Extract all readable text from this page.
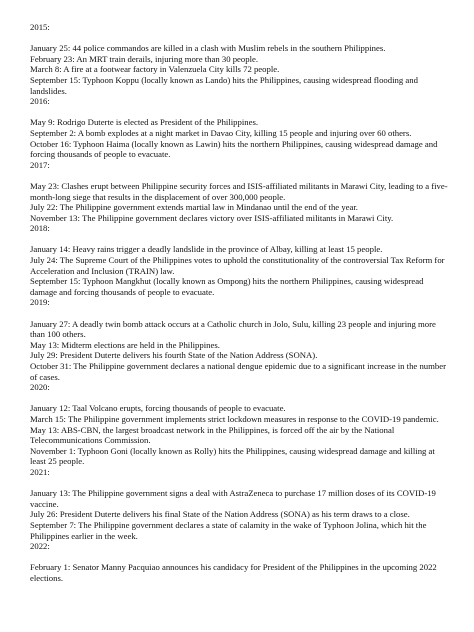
2015:
January 25: 44 police commandos are killed in a clash with Muslim rebels in the southern Philippines.
February 23: An MRT train derails, injuring more than 30 people.
March 8: A fire at a footwear factory in Valenzuela City kills 72 people.
September 15: Typhoon Koppu (locally known as Lando) hits the Philippines, causing widespread flooding and landslides.
2016:
May 9: Rodrigo Duterte is elected as President of the Philippines.
September 2: A bomb explodes at a night market in Davao City, killing 15 people and injuring over 60 others.
October 16: Typhoon Haima (locally known as Lawin) hits the northern Philippines, causing widespread damage and forcing thousands of people to evacuate.
2017:
May 23: Clashes erupt between Philippine security forces and ISIS-affiliated militants in Marawi City, leading to a five-month-long siege that results in the displacement of over 300,000 people.
July 22: The Philippine government extends martial law in Mindanao until the end of the year.
November 13: The Philippine government declares victory over ISIS-affiliated militants in Marawi City.
2018:
January 14: Heavy rains trigger a deadly landslide in the province of Albay, killing at least 15 people.
July 24: The Supreme Court of the Philippines votes to uphold the constitutionality of the controversial Tax Reform for Acceleration and Inclusion (TRAIN) law.
September 15: Typhoon Mangkhut (locally known as Ompong) hits the northern Philippines, causing widespread damage and forcing thousands of people to evacuate.
2019:
January 27: A deadly twin bomb attack occurs at a Catholic church in Jolo, Sulu, killing 23 people and injuring more than 100 others.
May 13: Midterm elections are held in the Philippines.
July 29: President Duterte delivers his fourth State of the Nation Address (SONA).
October 31: The Philippine government declares a national dengue epidemic due to a significant increase in the number of cases.
2020:
January 12: Taal Volcano erupts, forcing thousands of people to evacuate.
March 15: The Philippine government implements strict lockdown measures in response to the COVID-19 pandemic.
May 13: ABS-CBN, the largest broadcast network in the Philippines, is forced off the air by the National Telecommunications Commission.
November 1: Typhoon Goni (locally known as Rolly) hits the Philippines, causing widespread damage and killing at least 25 people.
2021:
January 13: The Philippine government signs a deal with AstraZeneca to purchase 17 million doses of its COVID-19 vaccine.
July 26: President Duterte delivers his final State of the Nation Address (SONA) as his term draws to a close.
September 7: The Philippine government declares a state of calamity in the wake of Typhoon Jolina, which hit the Philippines earlier in the week.
2022:
February 1: Senator Manny Pacquiao announces his candidacy for President of the Philippines in the upcoming 2022 elections.
